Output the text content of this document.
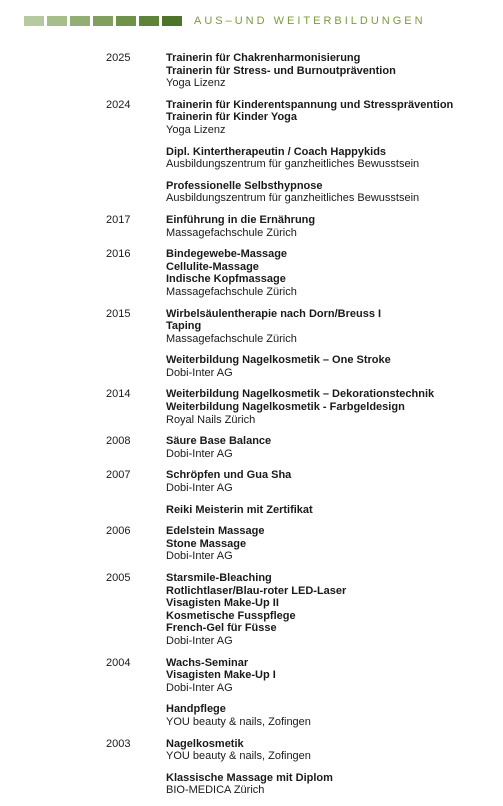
AUS–UND WEITERBILDUNGEN
2025	Trainerin für Chakrenharmonisierung
Trainerin für Stress- und Burnoutprävention
Yoga Lizenz
2024	Trainerin für Kinderentspannung und Stressprävention
Trainerin für Kinder Yoga
Yoga Lizenz
Dipl. Kintertherapeutin / Coach Happykids
Ausbildungszentrum für ganzheitliches Bewusstsein
Professionelle Selbsthypnose
Ausbildungszentrum für ganzheitliches Bewusstsein
2017	Einführung in die Ernährung
Massagefachschule Zürich
2016	Bindegewebe-Massage
Cellulite-Massage
Indische Kopfmassage
Massagefachschule Zürich
2015	Wirbelsäulentherapie nach Dorn/Breuss I
Taping
Massagefachschule Zürich
Weiterbildung Nagelkosmetik – One Stroke
Dobi-Inter AG
2014	Weiterbildung Nagelkosmetik – Dekorationstechnik
Weiterbildung Nagelkosmetik - Farbgeldesign
Royal Nails Zürich
2008	Säure Base Balance
Dobi-Inter AG
2007	Schröpfen und Gua Sha
Dobi-Inter AG
Reiki Meisterin mit Zertifikat
2006	Edelstein Massage
Stone Massage
Dobi-Inter AG
2005	Starsmile-Bleaching
Rotlichtlaser/Blau-roter LED-Laser
Visagisten Make-Up II
Kosmetische Fusspflege
French-Gel für Füsse
Dobi-Inter AG
2004	Wachs-Seminar
Visagisten Make-Up I
Dobi-Inter AG
Handpflege
YOU beauty & nails, Zofingen
2003	Nagelkosmetik
YOU beauty & nails, Zofingen
Klassische Massage mit Diplom
BIO-MEDICA Zürich
